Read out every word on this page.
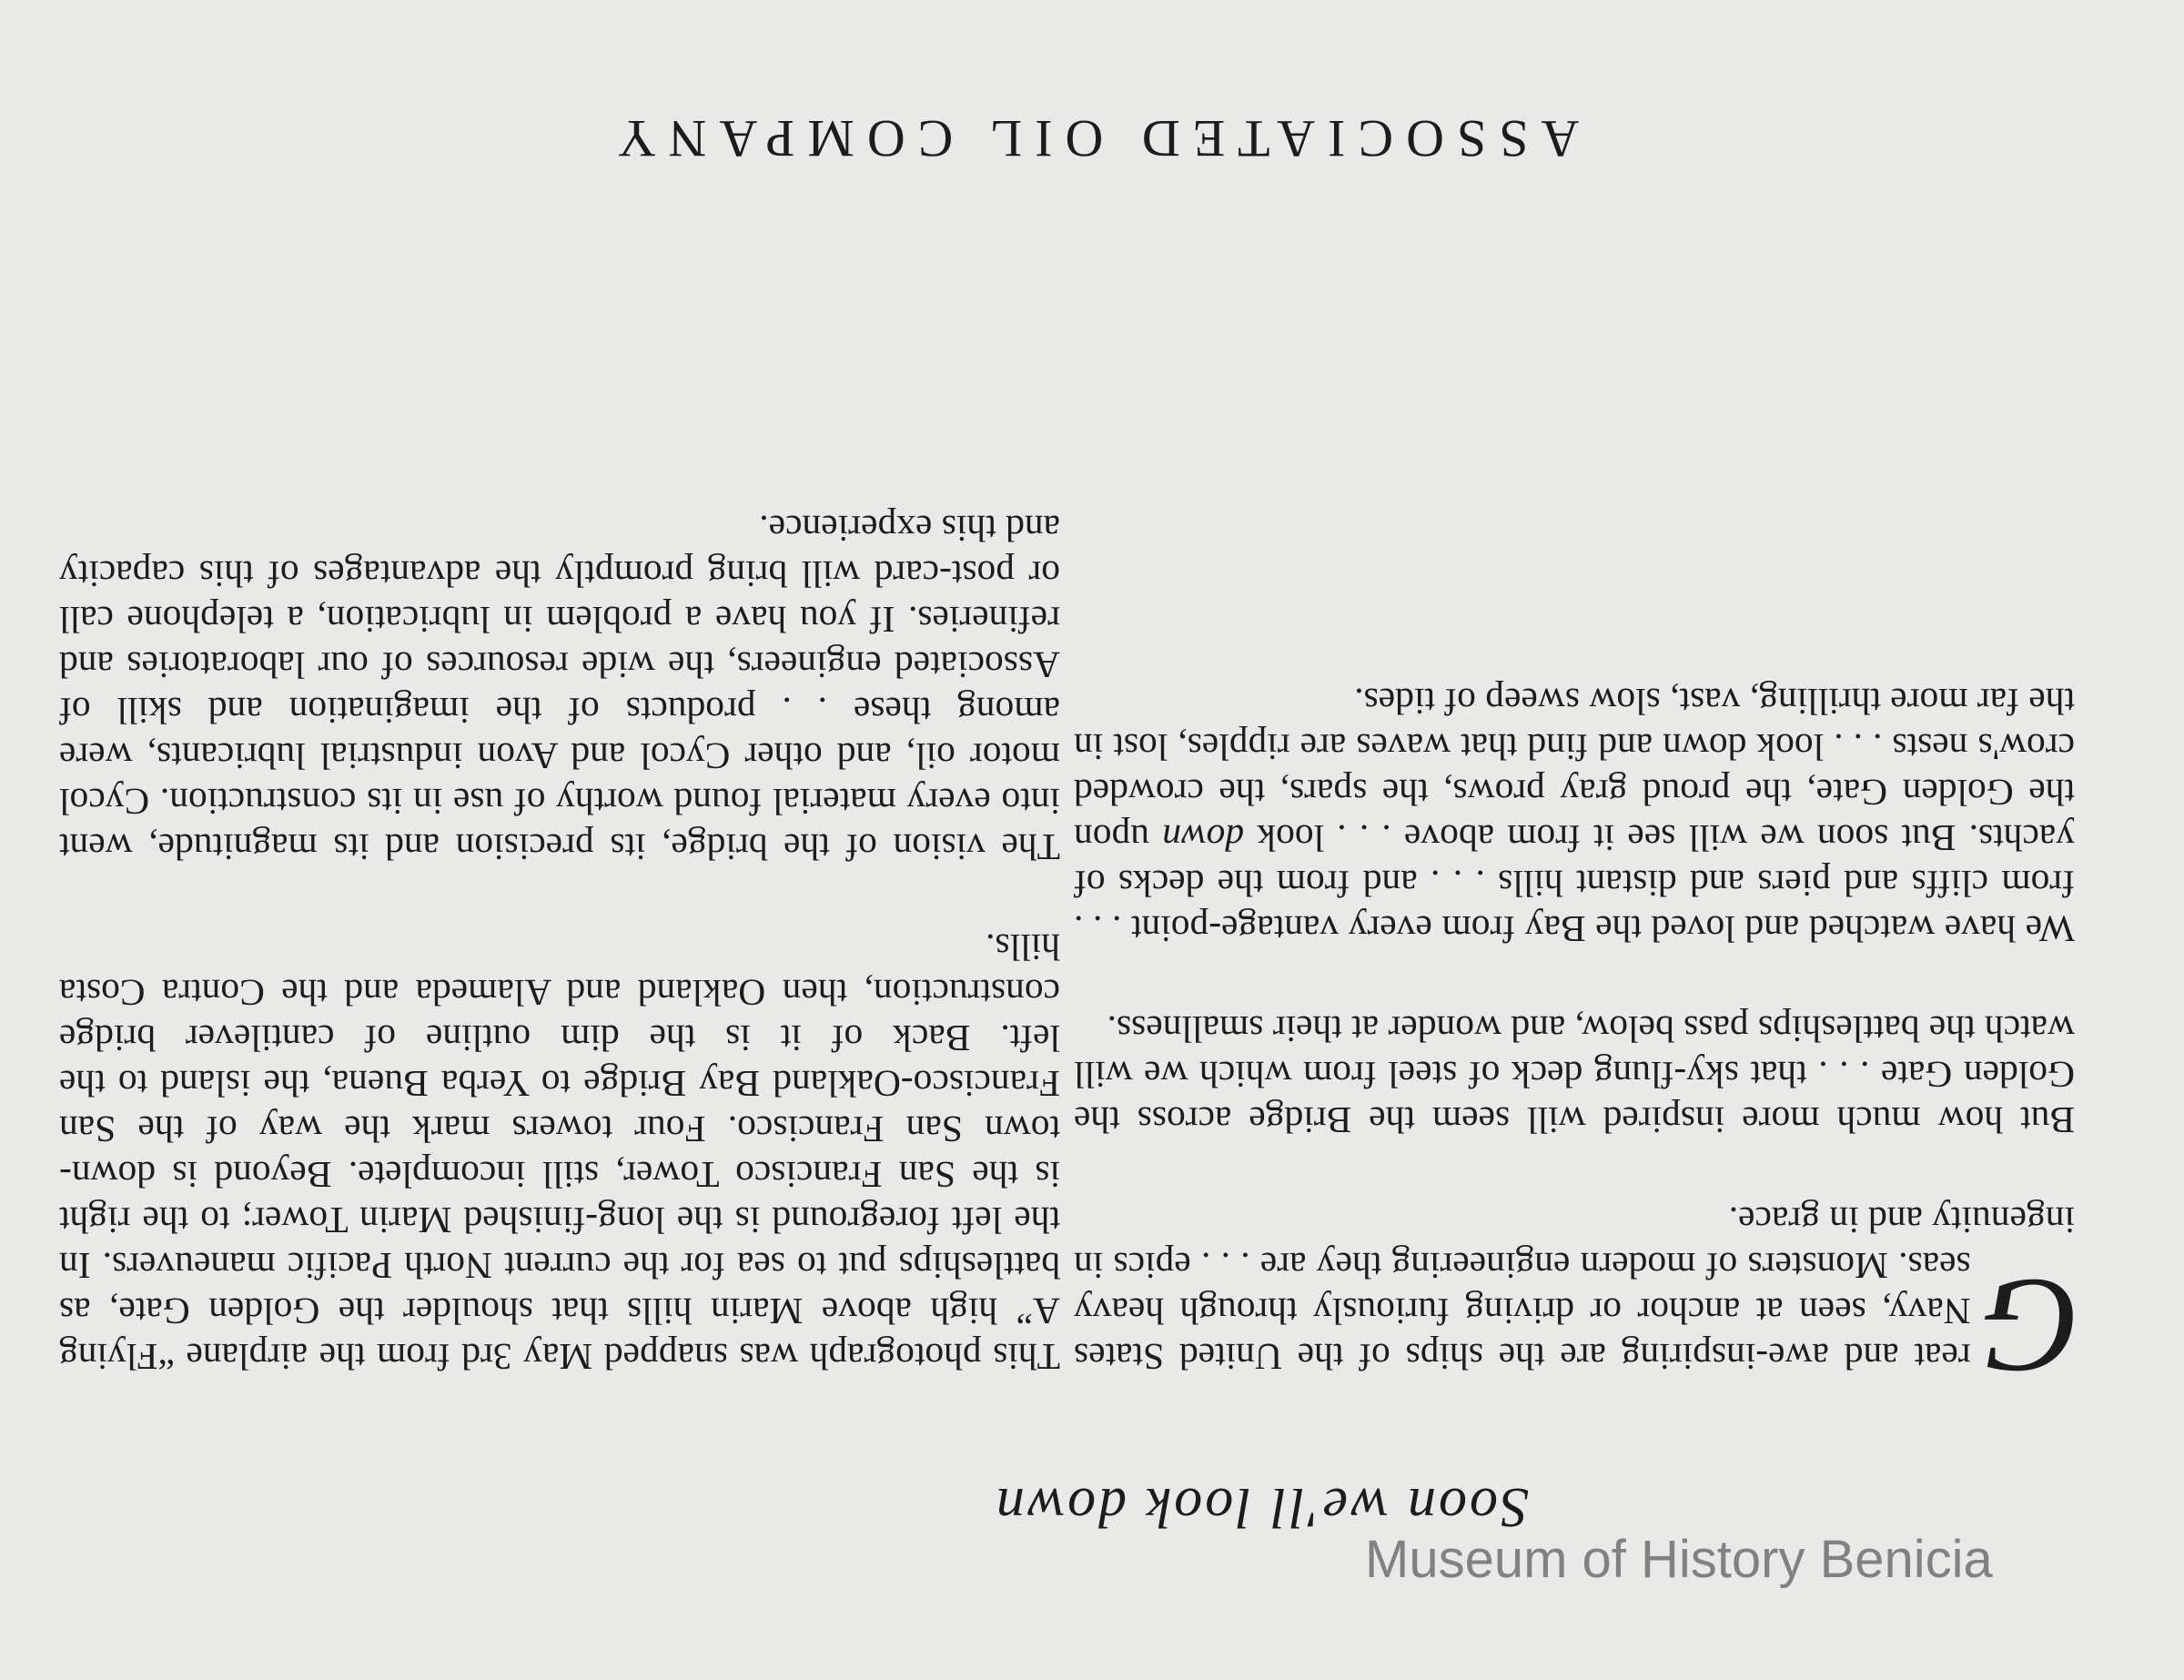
Soon we'll look down

G
reat and awe-inspiring are the ships of the United States Navy, seen at anchor or driving furiously through heavy seas. Monsters of modern engineering they are . . . epics in ingenuity and in grace.

But how much more inspired will seem the Bridge across the Golden Gate . . . that sky-flung deck of steel from which we will watch the battleships pass below, and wonder at their smallness.

We have watched and loved the Bay from every vantage-point . . . from cliffs and piers and distant hills . . . and from the decks of yachts. But soon we will see it from above . . . look down upon the Golden Gate, the proud gray prows, the spars, the crowded crow's nests . . . look down and find that waves are ripples, lost in the far more thrilling, vast, slow sweep of tides.

This photograph was snapped May 3rd from the airplane “Flying A” high above Marin hills that shoulder the Golden Gate, as battleships put to sea for the current North Pacific maneuvers. In the left foreground is the long-finished Marin Tower; to the right is the San Francisco Tower, still incomplete. Beyond is down-town San Francisco. Four towers mark the way of the San Francisco-Oakland Bay Bridge to Yerba Buena, the island to the left. Back of it is the dim outline of cantilever bridge construction, then Oakland and Alameda and the Contra Costa hills.

The vision of the bridge, its precision and its magnitude, went into every material found worthy of use in its construction. Cycol motor oil, and other Cycol and Avon industrial lubricants, were among these . . products of the imagination and skill of Associated engineers, the wide resources of our laboratories and refineries. If you have a problem in lubrication, a telephone call or post-card will bring promptly the advantages of this capacity and this experience.

ASSOCIATED OIL COMPANY
Museum of History Benicia
